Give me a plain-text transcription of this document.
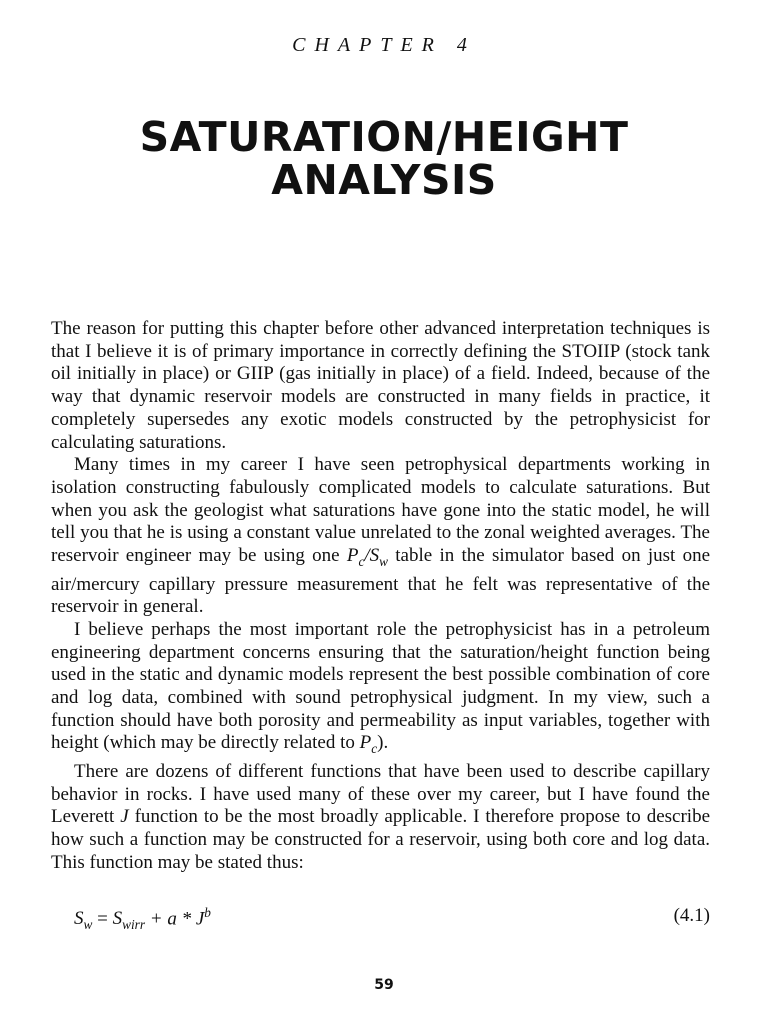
CHAPTER 4
SATURATION/HEIGHT
ANALYSIS

The reason for putting this chapter before other advanced interpretation techniques is that I believe it is of primary importance in correctly defining the STOIIP (stock tank oil initially in place) or GIIP (gas initially in place) of a field. Indeed, because of the way that dynamic reservoir models are constructed in many fields in practice, it completely supersedes any exotic models constructed by the petrophysicist for calculating saturations.

Many times in my career I have seen petrophysical departments working in isolation constructing fabulously complicated models to calculate saturations. But when you ask the geologist what saturations have gone into the static model, he will tell you that he is using a constant value unrelated to the zonal weighted averages. The reservoir engineer may be using one $P_c/S_w$ table in the simulator based on just one air/mercury capillary pressure measurement that he felt was representative of the reservoir in general.

I believe perhaps the most important role the petrophysicist has in a petroleum engineering department concerns ensuring that the saturation/height function being used in the static and dynamic models represent the best possible combination of core and log data, combined with sound petrophysical judgment. In my view, such a function should have both porosity and permeability as input variables, together with height (which may be directly related to $P_c$).

There are dozens of different functions that have been used to describe capillary behavior in rocks. I have used many of these over my career, but I have found the Leverett J function to be the most broadly applicable. I therefore propose to describe how such a function may be constructed for a reservoir, using both core and log data. This function may be stated thus:

$S_w = S_{wirr} + a * J^b$	(4.1)
59
